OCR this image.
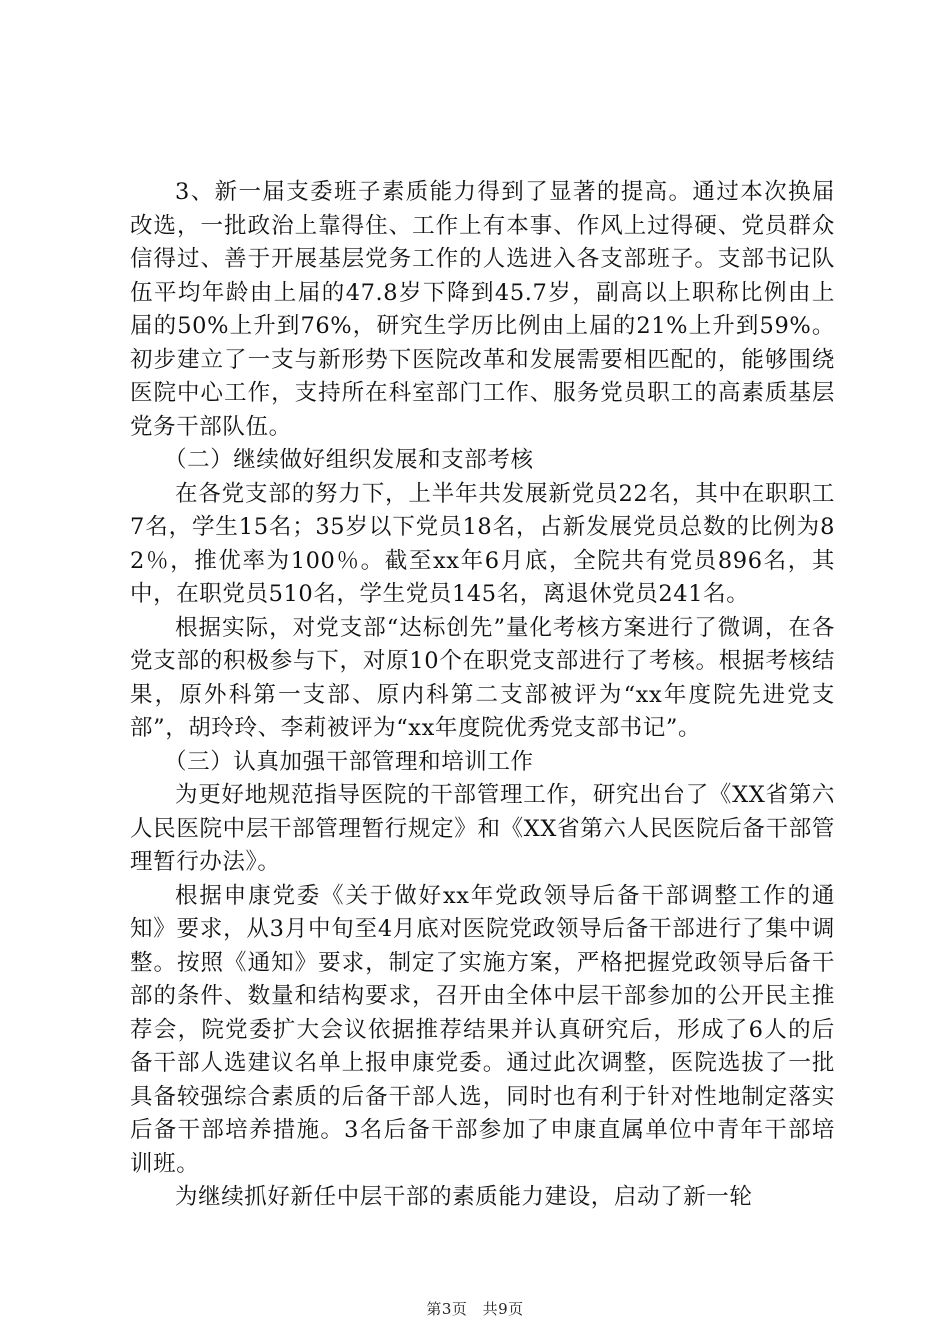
3、新一届支委班子素质能力得到了显著的提高。通过本次换届改选，一批政治上靠得住、工作上有本事、作风上过得硬、党员群众信得过、善于开展基层党务工作的人选进入各支部班子。支部书记队伍平均年龄由上届的47.8岁下降到45.7岁，副高以上职称比例由上届的50%上升到76%，研究生学历比例由上届的21%上升到59%。初步建立了一支与新形势下医院改革和发展需要相匹配的，能够围绕医院中心工作，支持所在科室部门工作、服务党员职工的高素质基层党务干部队伍。

（二）继续做好组织发展和支部考核

在各党支部的努力下，上半年共发展新党员22名，其中在职职工7名，学生15名；35岁以下党员18名，占新发展党员总数的比例为82％，推优率为100％。截至xx年6月底，全院共有党员896名，其中，在职党员510名，学生党员145名，离退休党员241名。

根据实际，对党支部“达标创先”量化考核方案进行了微调，在各党支部的积极参与下，对原10个在职党支部进行了考核。根据考核结果，原外科第一支部、原内科第二支部被评为“xx年度院先进党支部”，胡玲玲、李莉被评为“xx年度院优秀党支部书记”。

（三）认真加强干部管理和培训工作

为更好地规范指导医院的干部管理工作，研究出台了《XX省第六人民医院中层干部管理暂行规定》和《XX省第六人民医院后备干部管理暂行办法》。

根据申康党委《关于做好xx年党政领导后备干部调整工作的通知》要求，从3月中旬至4月底对医院党政领导后备干部进行了集中调整。按照《通知》要求，制定了实施方案，严格把握党政领导后备干部的条件、数量和结构要求，召开由全体中层干部参加的公开民主推荐会，院党委扩大会议依据推荐结果并认真研究后，形成了6人的后备干部人选建议名单上报申康党委。通过此次调整，医院选拔了一批具备较强综合素质的后备干部人选，同时也有利于针对性地制定落实后备干部培养措施。3名后备干部参加了申康直属单位中青年干部培训班。

为继续抓好新任中层干部的素质能力建设，启动了新一轮

第3页 共9页
